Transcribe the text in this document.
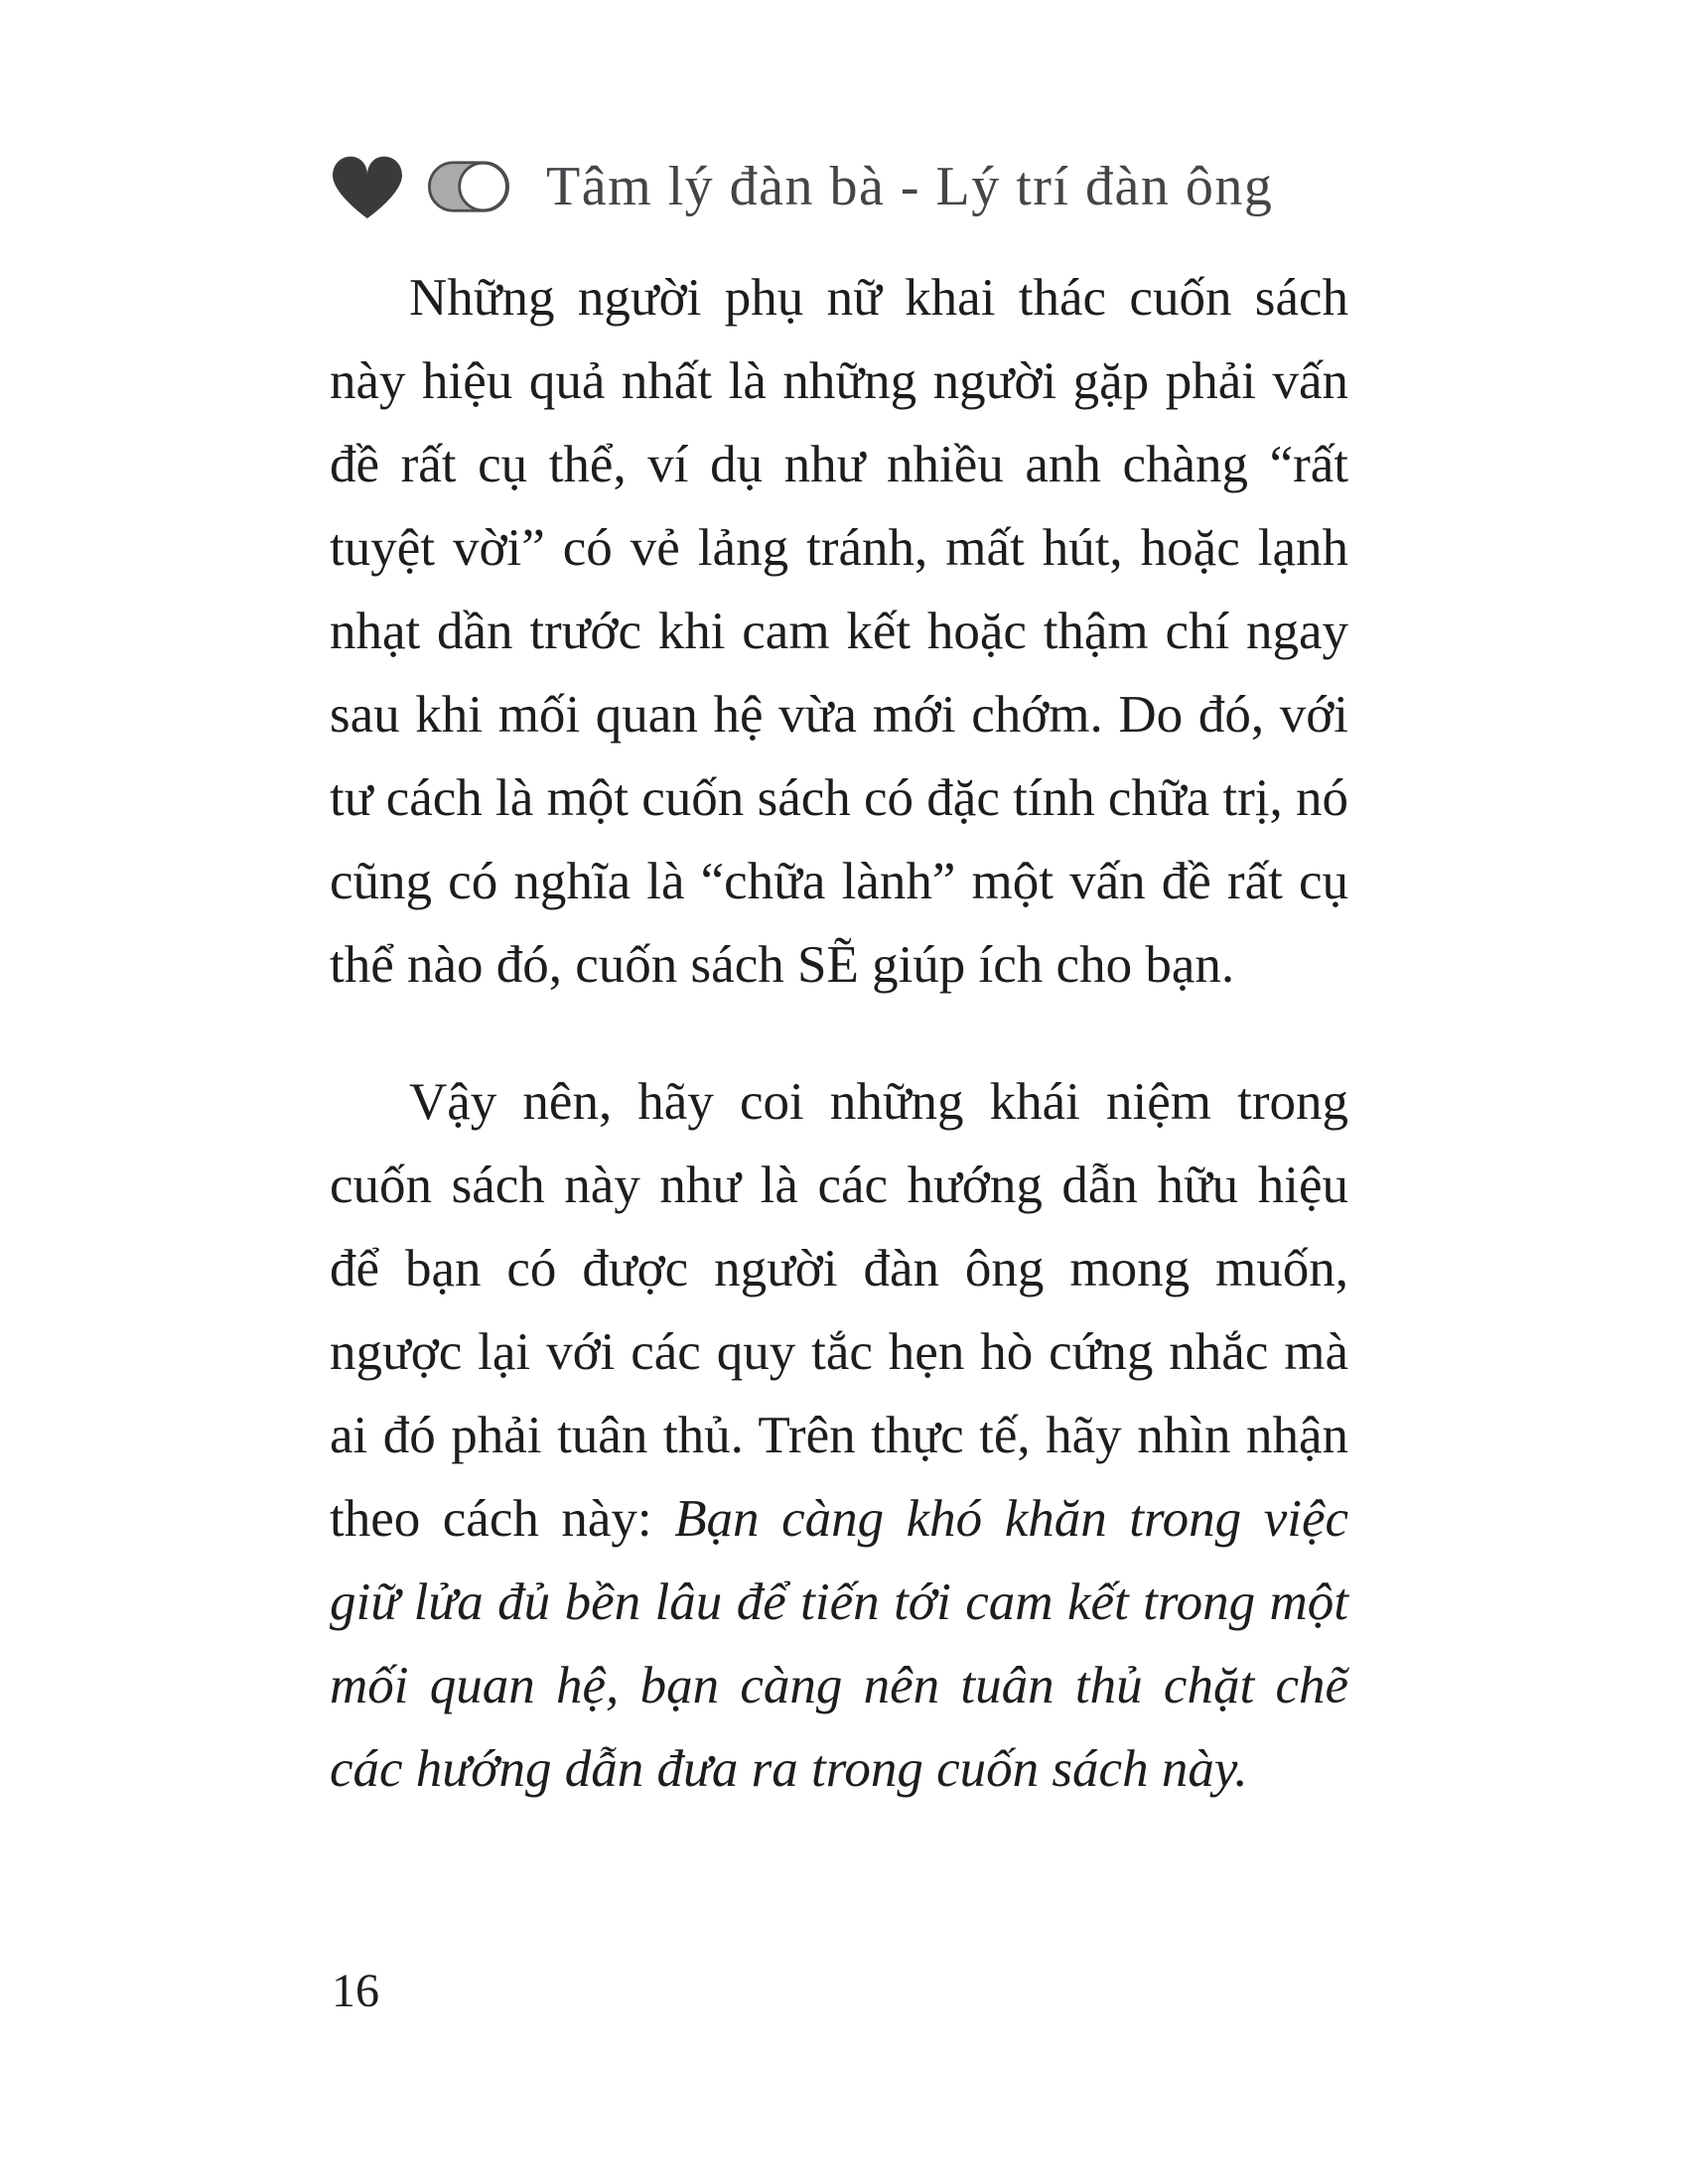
Tâm lý đàn bà - Lý trí đàn ông

Những người phụ nữ khai thác cuốn sách này hiệu quả nhất là những người gặp phải vấn đề rất cụ thể, ví dụ như nhiều anh chàng “rất tuyệt vời” có vẻ lảng tránh, mất hút, hoặc lạnh nhạt dần trước khi cam kết hoặc thậm chí ngay sau khi mối quan hệ vừa mới chớm. Do đó, với tư cách là một cuốn sách có đặc tính chữa trị, nó cũng có nghĩa là “chữa lành” một vấn đề rất cụ thể nào đó, cuốn sách SẼ giúp ích cho bạn.

Vậy nên, hãy coi những khái niệm trong cuốn sách này như là các hướng dẫn hữu hiệu để bạn có được người đàn ông mong muốn, ngược lại với các quy tắc hẹn hò cứng nhắc mà ai đó phải tuân thủ. Trên thực tế, hãy nhìn nhận theo cách này: Bạn càng khó khăn trong việc giữ lửa đủ bền lâu để tiến tới cam kết trong một mối quan hệ, bạn càng nên tuân thủ chặt chẽ các hướng dẫn đưa ra trong cuốn sách này.

16
